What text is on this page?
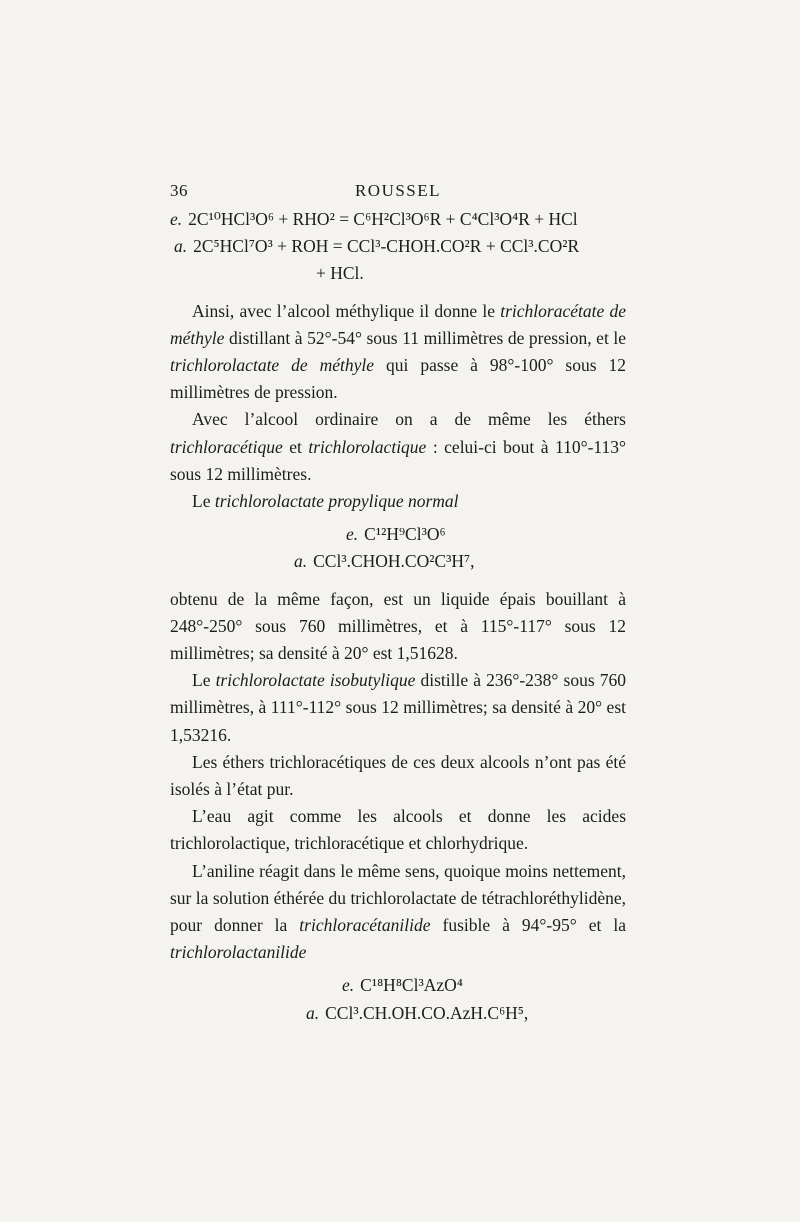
36	ROUSSEL
e. 2C¹⁰HCl³O⁶ + RHO² = C⁶H²Cl³O⁶R + C⁴Cl³O⁴R + HCl
a. 2C⁵HCl⁷O³ + ROH = CCl³-CHOH.CO²R + CCl³.CO²R
+ HCl.

Ainsi, avec l’alcool méthylique il donne le trichloracétate de méthyle distillant à 52°-54° sous 11 millimètres de pression, et le trichlorolactate de méthyle qui passe à 98°-100° sous 12 millimètres de pression.

Avec l’alcool ordinaire on a de même les éthers trichloracétique et trichlorolactique : celui-ci bout à 110°-113° sous 12 millimètres.

Le trichlorolactate propylique normal

e. C¹²H⁹Cl³O⁶
a. CCl³.CHOH.CO²C³H⁷,

obtenu de la même façon, est un liquide épais bouillant à 248°-250° sous 760 millimètres, et à 115°-117° sous 12 millimètres; sa densité à 20° est 1,51628.

Le trichlorolactate isobutylique distille à 236°-238° sous 760 millimètres, à 111°-112° sous 12 millimètres; sa densité à 20° est 1,53216.

Les éthers trichloracétiques de ces deux alcools n’ont pas été isolés à l’état pur.

L’eau agit comme les alcools et donne les acides trichlorolactique, trichloracétique et chlorhydrique.

L’aniline réagit dans le même sens, quoique moins nettement, sur la solution éthérée du trichlorolactate de tétrachloréthylidène, pour donner la trichloracétanilide fusible à 94°-95° et la trichlorolactanilide

e. C¹⁸H⁸Cl³AzO⁴
a. CCl³.CH.OH.CO.AzH.C⁶H⁵,
